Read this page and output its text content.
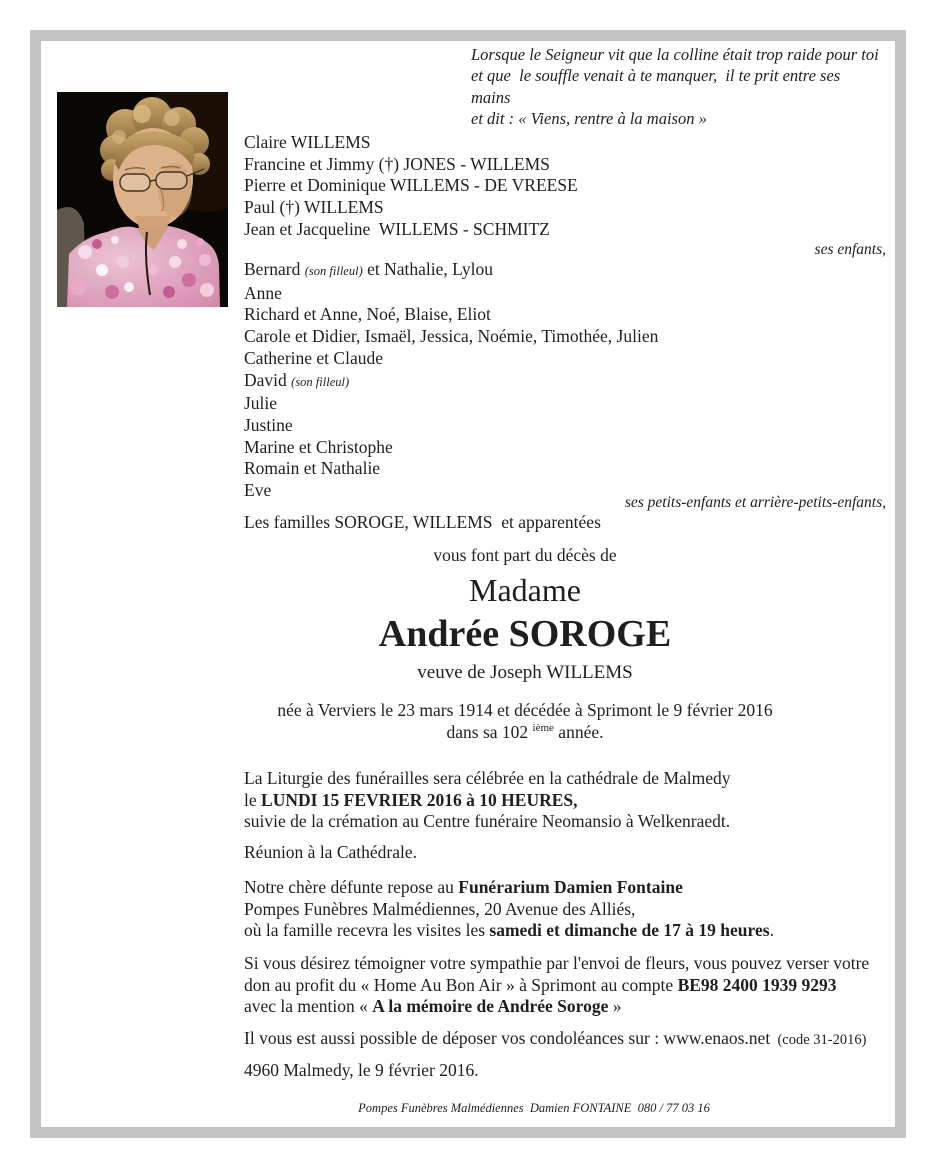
Lorsque le Seigneur vit que la colline était trop raide pour toi
et que  le souffle venait à te manquer,  il te prit entre ses mains
et dit : « Viens, rentre à la maison »
Claire WILLEMS
Francine et Jimmy (†) JONES - WILLEMS
Pierre et Dominique WILLEMS - DE VREESE
Paul (†) WILLEMS
Jean et Jacqueline  WILLEMS - SCHMITZ
ses enfants,
Bernard (son filleul) et Nathalie, Lylou
Anne
Richard et Anne, Noé, Blaise, Eliot
Carole et Didier, Ismaël, Jessica, Noémie, Timothée, Julien
Catherine et Claude
David (son filleul)
Julie
Justine
Marine et Christophe
Romain et Nathalie
Eve
ses petits-enfants et arrière-petits-enfants,
Les familles SOROGE, WILLEMS  et apparentées
vous font part du décès de
Madame
Andrée SOROGE
veuve de Joseph WILLEMS
née à Verviers le 23 mars 1914 et décédée à Sprimont le 9 février 2016
dans sa 102 $^{ième}$ année.
La Liturgie des funérailles sera célébrée en la cathédrale de Malmedy
le LUNDI 15 FEVRIER 2016 à 10 HEURES,
suivie de la crémation au Centre funéraire Neomansio à Welkenraedt.
Réunion à la Cathédrale.
Notre chère défunte repose au Funérarium Damien Fontaine
Pompes Funèbres Malmédiennes, 20 Avenue des Alliés,
où la famille recevra les visites les samedi et dimanche de 17 à 19 heures.
Si vous désirez témoigner votre sympathie par l'envoi de fleurs, vous pouvez verser votre
don au profit du « Home Au Bon Air » à Sprimont au compte BE98 2400 1939 9293
avec la mention « A la mémoire de Andrée Soroge »
Il vous est aussi possible de déposer vos condoléances sur : www.enaos.net  (code 31-2016)
4960 Malmedy, le 9 février 2016.
Pompes Funèbres Malmédiennes  Damien FONTAINE  080 / 77 03 16
